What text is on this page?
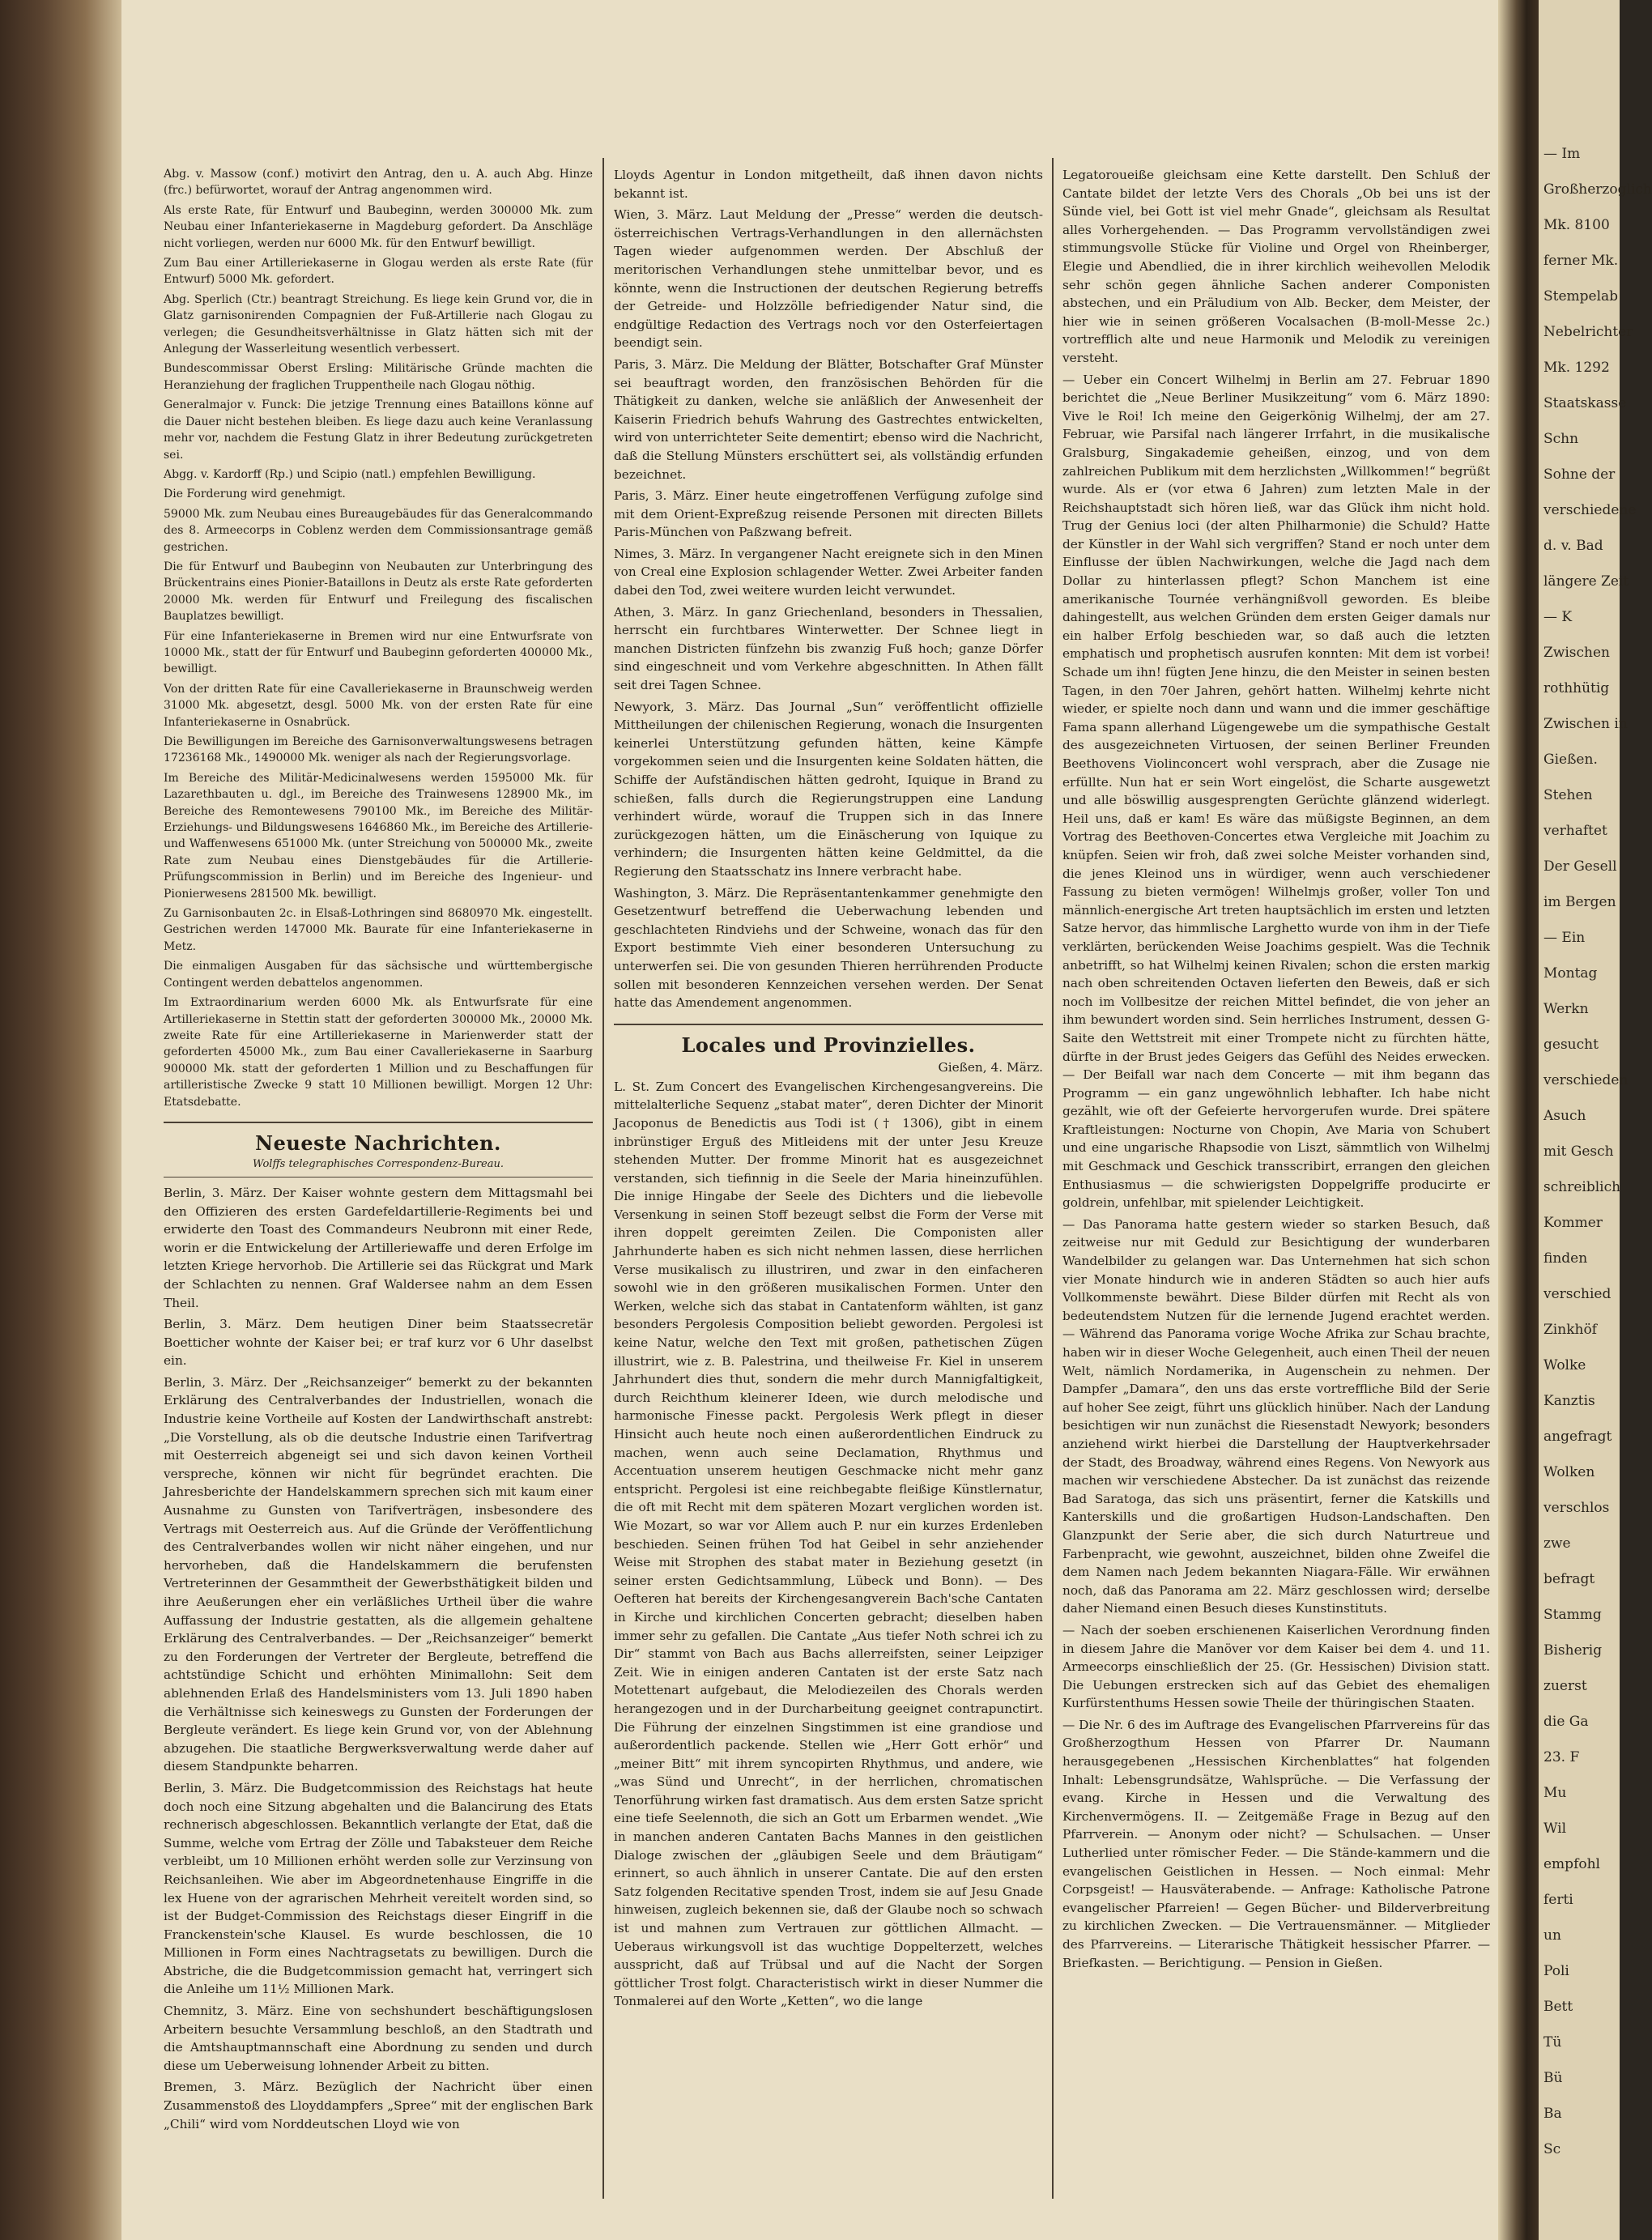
— Im
Großherzoglich
Mk. 8100
ferner Mk.
Stempelab
Nebelrichter
Mk. 1292
Staatskasse
Schn
Sohne der
verschiedene
d. v. Bad
längere Zeit
— K
Zwischen
rothhütig
Zwischen in
Gießen.
Stehen
verhaftet
Der Gesell
im Bergen
— Ein
Montag
Werkn
gesucht
verschieden
Asuch
mit Gesch
schreiblich
Kommer
finden
verschied
Zinkhöf
Wolke
Kanztis
angefragt
Wolken
verschlos
zwe
befragt
Stammg
Bisherig
zuerst
die Ga
23. F
Mu
Wil
empfohl
ferti
un
Poli
Bett
Tü
Bü
Ba
Sc

Abg. v. Massow (conf.) motivirt den Antrag, den u. A. auch Abg. Hinze (frc.) befürwortet, worauf der Antrag angenommen wird.

Als erste Rate, für Entwurf und Baubeginn, werden 300000 Mk. zum Neubau einer Infanteriekaserne in Magdeburg gefordert. Da Anschläge nicht vorliegen, werden nur 6000 Mk. für den Entwurf bewilligt.

Zum Bau einer Artilleriekaserne in Glogau werden als erste Rate (für Entwurf) 5000 Mk. gefordert.

Abg. Sperlich (Ctr.) beantragt Streichung. Es liege kein Grund vor, die in Glatz garnisonirenden Compagnien der Fuß-Artillerie nach Glogau zu verlegen; die Gesundheitsverhältnisse in Glatz hätten sich mit der Anlegung der Wasserleitung wesentlich verbessert.

Bundescommissar Oberst Ersling: Militärische Gründe machten die Heranziehung der fraglichen Truppentheile nach Glogau nöthig.

Generalmajor v. Funck: Die jetzige Trennung eines Bataillons könne auf die Dauer nicht bestehen bleiben. Es liege dazu auch keine Veranlassung mehr vor, nachdem die Festung Glatz in ihrer Bedeutung zurückgetreten sei.

Abgg. v. Kardorff (Rp.) und Scipio (natl.) empfehlen Bewilligung.

Die Forderung wird genehmigt.

59000 Mk. zum Neubau eines Bureaugebäudes für das Generalcommando des 8. Armeecorps in Coblenz werden dem Commissionsantrage gemäß gestrichen.

Die für Entwurf und Baubeginn von Neubauten zur Unterbringung des Brückentrains eines Pionier-Bataillons in Deutz als erste Rate geforderten 20000 Mk. werden für Entwurf und Freilegung des fiscalischen Bauplatzes bewilligt.

Für eine Infanteriekaserne in Bremen wird nur eine Entwurfsrate von 10000 Mk., statt der für Entwurf und Baubeginn geforderten 400000 Mk., bewilligt.

Von der dritten Rate für eine Cavalleriekaserne in Braunschweig werden 31000 Mk. abgesetzt, desgl. 5000 Mk. von der ersten Rate für eine Infanteriekaserne in Osnabrück.

Die Bewilligungen im Bereiche des Garnisonverwaltungswesens betragen 17236168 Mk., 1490000 Mk. weniger als nach der Regierungsvorlage.

Im Bereiche des Militär-Medicinalwesens werden 1595000 Mk. für Lazarethbauten u. dgl., im Bereiche des Trainwesens 128900 Mk., im Bereiche des Remontewesens 790100 Mk., im Bereiche des Militär-Erziehungs- und Bildungswesens 1646860 Mk., im Bereiche des Artillerie- und Waffenwesens 651000 Mk. (unter Streichung von 500000 Mk., zweite Rate zum Neubau eines Dienstgebäudes für die Artillerie-Prüfungscommission in Berlin) und im Bereiche des Ingenieur- und Pionierwesens 281500 Mk. bewilligt.

Zu Garnisonbauten 2c. in Elsaß-Lothringen sind 8680970 Mk. eingestellt. Gestrichen werden 147000 Mk. Baurate für eine Infanteriekaserne in Metz.

Die einmaligen Ausgaben für das sächsische und württembergische Contingent werden debattelos angenommen.

Im Extraordinarium werden 6000 Mk. als Entwurfsrate für eine Artilleriekaserne in Stettin statt der geforderten 300000 Mk., 20000 Mk. zweite Rate für eine Artilleriekaserne in Marienwerder statt der geforderten 45000 Mk., zum Bau einer Cavalleriekaserne in Saarburg 900000 Mk. statt der geforderten 1 Million und zu Beschaffungen für artilleristische Zwecke 9 statt 10 Millionen bewilligt. Morgen 12 Uhr: Etatsdebatte.

Neueste Nachrichten.
Wolffs telegraphisches Correspondenz-Bureau.

Berlin, 3. März. Der Kaiser wohnte gestern dem Mittagsmahl bei den Offizieren des ersten Gardefeldartillerie-Regiments bei und erwiderte den Toast des Commandeurs Neubronn mit einer Rede, worin er die Entwickelung der Artilleriewaffe und deren Erfolge im letzten Kriege hervorhob. Die Artillerie sei das Rückgrat und Mark der Schlachten zu nennen. Graf Waldersee nahm an dem Essen Theil.

Berlin, 3. März. Dem heutigen Diner beim Staatssecretär Boetticher wohnte der Kaiser bei; er traf kurz vor 6 Uhr daselbst ein.

Berlin, 3. März. Der „Reichsanzeiger“ bemerkt zu der bekannten Erklärung des Centralverbandes der Industriellen, wonach die Industrie keine Vortheile auf Kosten der Landwirthschaft anstrebt: „Die Vorstellung, als ob die deutsche Industrie einen Tarifvertrag mit Oesterreich abgeneigt sei und sich davon keinen Vortheil verspreche, können wir nicht für begründet erachten. Die Jahresberichte der Handelskammern sprechen sich mit kaum einer Ausnahme zu Gunsten von Tarifverträgen, insbesondere des Vertrags mit Oesterreich aus. Auf die Gründe der Veröffentlichung des Centralverbandes wollen wir nicht näher eingehen, und nur hervorheben, daß die Handelskammern die berufensten Vertreterinnen der Gesammtheit der Gewerbsthätigkeit bilden und ihre Aeußerungen eher ein verläßliches Urtheil über die wahre Auffassung der Industrie gestatten, als die allgemein gehaltene Erklärung des Centralverbandes. — Der „Reichsanzeiger“ bemerkt zu den Forderungen der Vertreter der Bergleute, betreffend die achtstündige Schicht und erhöhten Minimallohn: Seit dem ablehnenden Erlaß des Handelsministers vom 13. Juli 1890 haben die Verhältnisse sich keineswegs zu Gunsten der Forderungen der Bergleute verändert. Es liege kein Grund vor, von der Ablehnung abzugehen. Die staatliche Bergwerksverwaltung werde daher auf diesem Standpunkte beharren.

Berlin, 3. März. Die Budgetcommission des Reichstags hat heute doch noch eine Sitzung abgehalten und die Balancirung des Etats rechnerisch abgeschlossen. Bekanntlich verlangte der Etat, daß die Summe, welche vom Ertrag der Zölle und Tabaksteuer dem Reiche verbleibt, um 10 Millionen erhöht werden solle zur Verzinsung von Reichsanleihen. Wie aber im Abgeordnetenhause Eingriffe in die lex Huene von der agrarischen Mehrheit vereitelt worden sind, so ist der Budget-Commission des Reichstags dieser Eingriff in die Franckenstein'sche Klausel. Es wurde beschlossen, die 10 Millionen in Form eines Nachtragsetats zu bewilligen. Durch die Abstriche, die die Budgetcommission gemacht hat, verringert sich die Anleihe um 11½ Millionen Mark.

Chemnitz, 3. März. Eine von sechshundert beschäftigungslosen Arbeitern besuchte Versammlung beschloß, an den Stadtrath und die Amtshauptmannschaft eine Abordnung zu senden und durch diese um Ueberweisung lohnender Arbeit zu bitten.

Bremen, 3. März. Bezüglich der Nachricht über einen Zusammenstoß des Lloyddampfers „Spree“ mit der englischen Bark „Chili“ wird vom Norddeutschen Lloyd wie von

Lloyds Agentur in London mitgetheilt, daß ihnen davon nichts bekannt ist.

Wien, 3. März. Laut Meldung der „Presse“ werden die deutsch-österreichischen Vertrags-Verhandlungen in den allernächsten Tagen wieder aufgenommen werden. Der Abschluß der meritorischen Verhandlungen stehe unmittelbar bevor, und es könnte, wenn die Instructionen der deutschen Regierung betreffs der Getreide- und Holzzölle befriedigender Natur sind, die endgültige Redaction des Vertrags noch vor den Osterfeiertagen beendigt sein.

Paris, 3. März. Die Meldung der Blätter, Botschafter Graf Münster sei beauftragt worden, den französischen Behörden für die Thätigkeit zu danken, welche sie anläßlich der Anwesenheit der Kaiserin Friedrich behufs Wahrung des Gastrechtes entwickelten, wird von unterrichteter Seite dementirt; ebenso wird die Nachricht, daß die Stellung Münsters erschüttert sei, als vollständig erfunden bezeichnet.

Paris, 3. März. Einer heute eingetroffenen Verfügung zufolge sind mit dem Orient-Expreßzug reisende Personen mit directen Billets Paris-München von Paßzwang befreit.

Nimes, 3. März. In vergangener Nacht ereignete sich in den Minen von Creal eine Explosion schlagender Wetter. Zwei Arbeiter fanden dabei den Tod, zwei weitere wurden leicht verwundet.

Athen, 3. März. In ganz Griechenland, besonders in Thessalien, herrscht ein furchtbares Winterwetter. Der Schnee liegt in manchen Districten fünfzehn bis zwanzig Fuß hoch; ganze Dörfer sind eingeschneit und vom Verkehre abgeschnitten. In Athen fällt seit drei Tagen Schnee.

Newyork, 3. März. Das Journal „Sun“ veröffentlicht offizielle Mittheilungen der chilenischen Regierung, wonach die Insurgenten keinerlei Unterstützung gefunden hätten, keine Kämpfe vorgekommen seien und die Insurgenten keine Soldaten hätten, die Schiffe der Aufständischen hätten gedroht, Iquique in Brand zu schießen, falls durch die Regierungstruppen eine Landung verhindert würde, worauf die Truppen sich in das Innere zurückgezogen hätten, um die Einäscherung von Iquique zu verhindern; die Insurgenten hätten keine Geldmittel, da die Regierung den Staatsschatz ins Innere verbracht habe.

Washington, 3. März. Die Repräsentantenkammer genehmigte den Gesetzentwurf betreffend die Ueberwachung lebenden und geschlachteten Rindviehs und der Schweine, wonach das für den Export bestimmte Vieh einer besonderen Untersuchung zu unterwerfen sei. Die von gesunden Thieren herrührenden Producte sollen mit besonderen Kennzeichen versehen werden. Der Senat hatte das Amendement angenommen.

Locales und Provinzielles.
Gießen, 4. März.

L. St. Zum Concert des Evangelischen Kirchengesangvereins. Die mittelalterliche Sequenz „stabat mater“, deren Dichter der Minorit Jacoponus de Benedictis aus Todi ist († 1306), gibt in einem inbrünstiger Erguß des Mitleidens mit der unter Jesu Kreuze stehenden Mutter. Der fromme Minorit hat es ausgezeichnet verstanden, sich tiefinnig in die Seele der Maria hineinzufühlen. Die innige Hingabe der Seele des Dichters und die liebevolle Versenkung in seinen Stoff bezeugt selbst die Form der Verse mit ihren doppelt gereimten Zeilen. Die Componisten aller Jahrhunderte haben es sich nicht nehmen lassen, diese herrlichen Verse musikalisch zu illustriren, und zwar in den einfacheren sowohl wie in den größeren musikalischen Formen. Unter den Werken, welche sich das stabat in Cantatenform wählten, ist ganz besonders Pergolesis Composition beliebt geworden. Pergolesi ist keine Natur, welche den Text mit großen, pathetischen Zügen illustrirt, wie z. B. Palestrina, und theilweise Fr. Kiel in unserem Jahrhundert dies thut, sondern die mehr durch Mannigfaltigkeit, durch Reichthum kleinerer Ideen, wie durch melodische und harmonische Finesse packt. Pergolesis Werk pflegt in dieser Hinsicht auch heute noch einen außerordentlichen Eindruck zu machen, wenn auch seine Declamation, Rhythmus und Accentuation unserem heutigen Geschmacke nicht mehr ganz entspricht. Pergolesi ist eine reichbegabte fleißige Künstlernatur, die oft mit Recht mit dem späteren Mozart verglichen worden ist. Wie Mozart, so war vor Allem auch P. nur ein kurzes Erdenleben beschieden. Seinen frühen Tod hat Geibel in sehr anziehender Weise mit Strophen des stabat mater in Beziehung gesetzt (in seiner ersten Gedichtsammlung, Lübeck und Bonn). — Des Oefteren hat bereits der Kirchengesangverein Bach'sche Cantaten in Kirche und kirchlichen Concerten gebracht; dieselben haben immer sehr zu gefallen. Die Cantate „Aus tiefer Noth schrei ich zu Dir“ stammt von Bach aus Bachs allerreifsten, seiner Leipziger Zeit. Wie in einigen anderen Cantaten ist der erste Satz nach Motettenart aufgebaut, die Melodiezeilen des Chorals werden herangezogen und in der Durcharbeitung geeignet contrapunctirt. Die Führung der einzelnen Singstimmen ist eine grandiose und außerordentlich packende. Stellen wie „Herr Gott erhör“ und „meiner Bitt“ mit ihrem syncopirten Rhythmus, und andere, wie „was Sünd und Unrecht“, in der herrlichen, chromatischen Tenorführung wirken fast dramatisch. Aus dem ersten Satze spricht eine tiefe Seelennoth, die sich an Gott um Erbarmen wendet. „Wie in manchen anderen Cantaten Bachs Mannes in den geistlichen Dialoge zwischen der „gläubigen Seele und dem Bräutigam“ erinnert, so auch ähnlich in unserer Cantate. Die auf den ersten Satz folgenden Recitative spenden Trost, indem sie auf Jesu Gnade hinweisen, zugleich bekennen sie, daß der Glaube noch so schwach ist und mahnen zum Vertrauen zur göttlichen Allmacht. — Ueberaus wirkungsvoll ist das wuchtige Doppelterzett, welches ausspricht, daß auf Trübsal und auf die Nacht der Sorgen göttlicher Trost folgt. Characteristisch wirkt in dieser Nummer die Tonmalerei auf den Worte „Ketten“, wo die lange

Legatoroueiße gleichsam eine Kette darstellt. Den Schluß der Cantate bildet der letzte Vers des Chorals „Ob bei uns ist der Sünde viel, bei Gott ist viel mehr Gnade“, gleichsam als Resultat alles Vorhergehenden. — Das Programm vervollständigen zwei stimmungsvolle Stücke für Violine und Orgel von Rheinberger, Elegie und Abendlied, die in ihrer kirchlich weihevollen Melodik sehr schön gegen ähnliche Sachen anderer Componisten abstechen, und ein Präludium von Alb. Becker, dem Meister, der hier wie in seinen größeren Vocalsachen (B-moll-Messe 2c.) vortrefflich alte und neue Harmonik und Melodik zu vereinigen versteht.

— Ueber ein Concert Wilhelmj in Berlin am 27. Februar 1890 berichtet die „Neue Berliner Musikzeitung“ vom 6. März 1890: Vive le Roi! Ich meine den Geigerkönig Wilhelmj, der am 27. Februar, wie Parsifal nach längerer Irrfahrt, in die musikalische Gralsburg, Singakademie geheißen, einzog, und von dem zahlreichen Publikum mit dem herzlichsten „Willkommen!“ begrüßt wurde. Als er (vor etwa 6 Jahren) zum letzten Male in der Reichshauptstadt sich hören ließ, war das Glück ihm nicht hold. Trug der Genius loci (der alten Philharmonie) die Schuld? Hatte der Künstler in der Wahl sich vergriffen? Stand er noch unter dem Einflusse der üblen Nachwirkungen, welche die Jagd nach dem Dollar zu hinterlassen pflegt? Schon Manchem ist eine amerikanische Tournée verhängnißvoll geworden. Es bleibe dahingestellt, aus welchen Gründen dem ersten Geiger damals nur ein halber Erfolg beschieden war, so daß auch die letzten emphatisch und prophetisch ausrufen konnten: Mit dem ist vorbei! Schade um ihn! fügten Jene hinzu, die den Meister in seinen besten Tagen, in den 70er Jahren, gehört hatten. Wilhelmj kehrte nicht wieder, er spielte noch dann und wann und die immer geschäftige Fama spann allerhand Lügengewebe um die sympathische Gestalt des ausgezeichneten Virtuosen, der seinen Berliner Freunden Beethovens Violinconcert wohl versprach, aber die Zusage nie erfüllte. Nun hat er sein Wort eingelöst, die Scharte ausgewetzt und alle böswillig ausgesprengten Gerüchte glänzend widerlegt. Heil uns, daß er kam! Es wäre das müßigste Beginnen, an dem Vortrag des Beethoven-Concertes etwa Vergleiche mit Joachim zu knüpfen. Seien wir froh, daß zwei solche Meister vorhanden sind, die jenes Kleinod uns in würdiger, wenn auch verschiedener Fassung zu bieten vermögen! Wilhelmjs großer, voller Ton und männlich-energische Art treten hauptsächlich im ersten und letzten Satze hervor, das himmlische Larghetto wurde von ihm in der Tiefe verklärten, berückenden Weise Joachims gespielt. Was die Technik anbetrifft, so hat Wilhelmj keinen Rivalen; schon die ersten markig nach oben schreitenden Octaven lieferten den Beweis, daß er sich noch im Vollbesitze der reichen Mittel befindet, die von jeher an ihm bewundert worden sind. Sein herrliches Instrument, dessen G-Saite den Wettstreit mit einer Trompete nicht zu fürchten hätte, dürfte in der Brust jedes Geigers das Gefühl des Neides erwecken. — Der Beifall war nach dem Concerte — mit ihm begann das Programm — ein ganz ungewöhnlich lebhafter. Ich habe nicht gezählt, wie oft der Gefeierte hervorgerufen wurde. Drei spätere Kraftleistungen: Nocturne von Chopin, Ave Maria von Schubert und eine ungarische Rhapsodie von Liszt, sämmtlich von Wilhelmj mit Geschmack und Geschick transscribirt, errangen den gleichen Enthusiasmus — die schwierigsten Doppelgriffe producirte er goldrein, unfehlbar, mit spielender Leichtigkeit.

— Das Panorama hatte gestern wieder so starken Besuch, daß zeitweise nur mit Geduld zur Besichtigung der wunderbaren Wandelbilder zu gelangen war. Das Unternehmen hat sich schon vier Monate hindurch wie in anderen Städten so auch hier aufs Vollkommenste bewährt. Diese Bilder dürfen mit Recht als von bedeutendstem Nutzen für die lernende Jugend erachtet werden. — Während das Panorama vorige Woche Afrika zur Schau brachte, haben wir in dieser Woche Gelegenheit, auch einen Theil der neuen Welt, nämlich Nordamerika, in Augenschein zu nehmen. Der Dampfer „Damara“, den uns das erste vortreffliche Bild der Serie auf hoher See zeigt, führt uns glücklich hinüber. Nach der Landung besichtigen wir nun zunächst die Riesenstadt Newyork; besonders anziehend wirkt hierbei die Darstellung der Hauptverkehrsader der Stadt, des Broadway, während eines Regens. Von Newyork aus machen wir verschiedene Abstecher. Da ist zunächst das reizende Bad Saratoga, das sich uns präsentirt, ferner die Katskills und Kanterskills und die großartigen Hudson-Landschaften. Den Glanzpunkt der Serie aber, die sich durch Naturtreue und Farbenpracht, wie gewohnt, auszeichnet, bilden ohne Zweifel die dem Namen nach Jedem bekannten Niagara-Fälle. Wir erwähnen noch, daß das Panorama am 22. März geschlossen wird; derselbe daher Niemand einen Besuch dieses Kunstinstituts.

— Nach der soeben erschienenen Kaiserlichen Verordnung finden in diesem Jahre die Manöver vor dem Kaiser bei dem 4. und 11. Armeecorps einschließlich der 25. (Gr. Hessischen) Division statt. Die Uebungen erstrecken sich auf das Gebiet des ehemaligen Kurfürstenthums Hessen sowie Theile der thüringischen Staaten.

— Die Nr. 6 des im Auftrage des Evangelischen Pfarrvereins für das Großherzogthum Hessen von Pfarrer Dr. Naumann herausgegebenen „Hessischen Kirchenblattes“ hat folgenden Inhalt: Lebensgrundsätze, Wahlsprüche. — Die Verfassung der evang. Kirche in Hessen und die Verwaltung des Kirchenvermögens. II. — Zeitgemäße Frage in Bezug auf den Pfarrverein. — Anonym oder nicht? — Schulsachen. — Unser Lutherlied unter römischer Feder. — Die Stände-kammern und die evangelischen Geistlichen in Hessen. — Noch einmal: Mehr Corpsgeist! — Hausväterabende. — Anfrage: Katholische Patrone evangelischer Pfarreien! — Gegen Bücher- und Bilderverbreitung zu kirchlichen Zwecken. — Die Vertrauensmänner. — Mitglieder des Pfarrvereins. — Literarische Thätigkeit hessischer Pfarrer. — Briefkasten. — Berichtigung. — Pension in Gießen.
